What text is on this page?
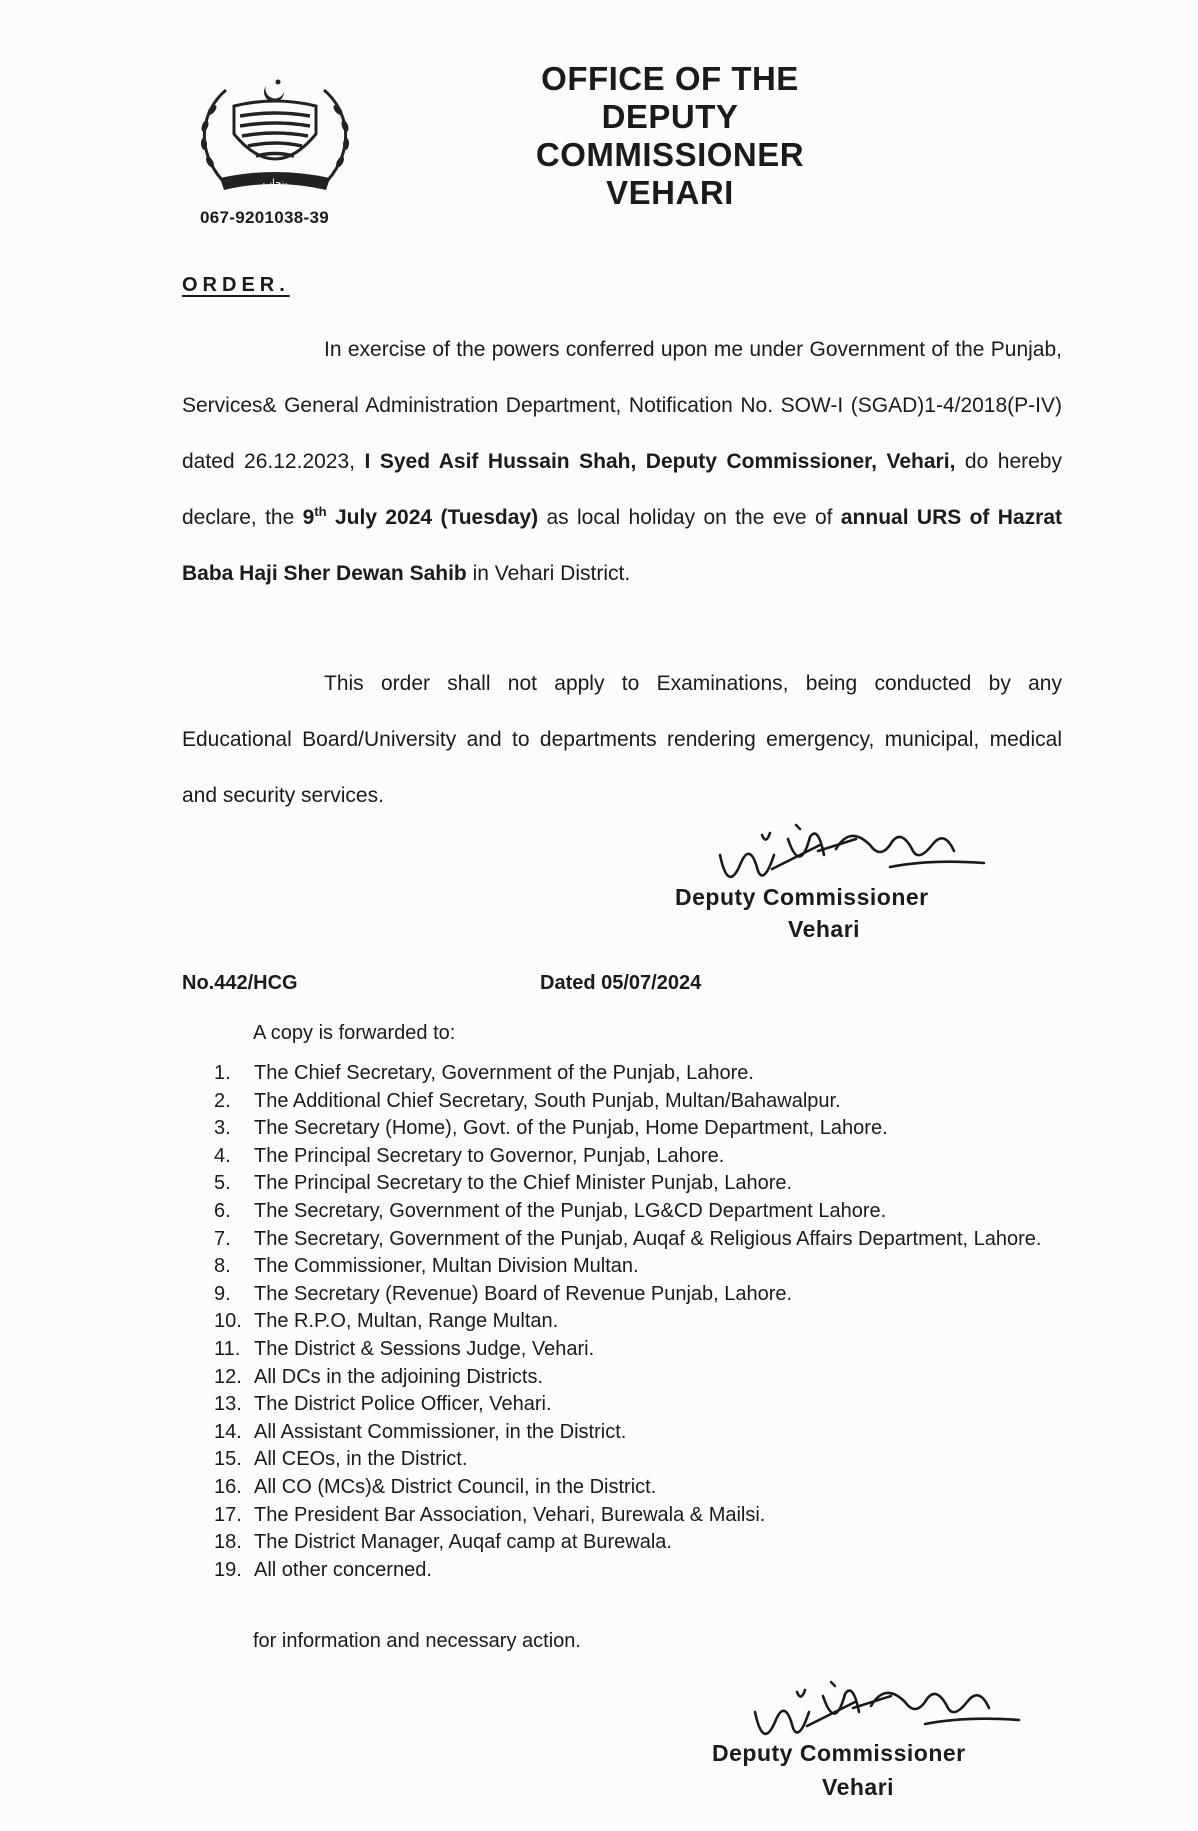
پنجاب
067-9201038-39
OFFICE OF THE
DEPUTY COMMISSIONER
VEHARI
ORDER.
In exercise of the powers conferred upon me under Government of the Punjab, Services& General Administration Department, Notification No. SOW-I (SGAD)1-4/2018(P-IV) dated 26.12.2023, I Syed Asif Hussain Shah, Deputy Commissioner, Vehari, do hereby declare, the 9th July 2024 (Tuesday) as local holiday on the eve of annual URS of Hazrat Baba Haji Sher Dewan Sahib in Vehari District.
This order shall not apply to Examinations, being conducted by any Educational Board/University and to departments rendering emergency, municipal, medical and security services.
Deputy Commissioner
Vehari
No.442/HCG	Dated 05/07/2024
A copy is forwarded to:
1. The Chief Secretary, Government of the Punjab, Lahore.
2. The Additional Chief Secretary, South Punjab, Multan/Bahawalpur.
3. The Secretary (Home), Govt. of the Punjab, Home Department, Lahore.
4. The Principal Secretary to Governor, Punjab, Lahore.
5. The Principal Secretary to the Chief Minister Punjab, Lahore.
6. The Secretary, Government of the Punjab, LG&CD Department Lahore.
7. The Secretary, Government of the Punjab, Auqaf & Religious Affairs Department, Lahore.
8. The Commissioner, Multan Division Multan.
9. The Secretary (Revenue) Board of Revenue Punjab, Lahore.
10. The R.P.O, Multan, Range Multan.
11. The District & Sessions Judge, Vehari.
12. All DCs in the adjoining Districts.
13. The District Police Officer, Vehari.
14. All Assistant Commissioner, in the District.
15. All CEOs, in the District.
16. All CO (MCs)& District Council, in the District.
17. The President Bar Association, Vehari, Burewala & Mailsi.
18. The District Manager, Auqaf camp at Burewala.
19. All other concerned.
for information and necessary action.
Deputy Commissioner
Vehari
